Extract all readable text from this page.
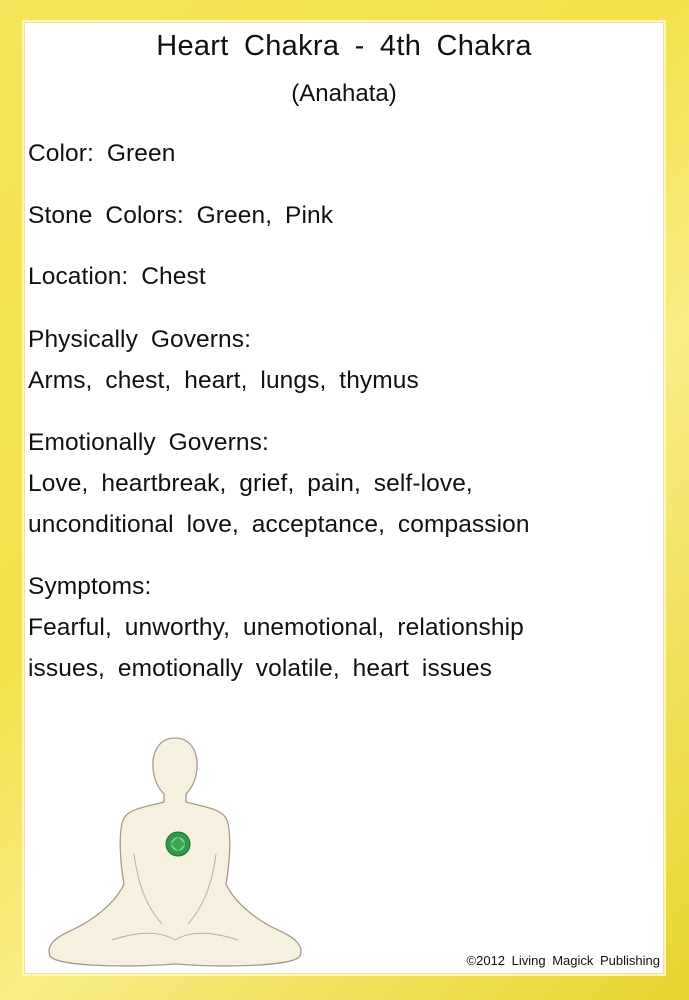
Heart Chakra - 4th Chakra
(Anahata)
Color: Green
Stone Colors: Green, Pink
Location: Chest
Physically Governs:
Arms, chest, heart, lungs, thymus
Emotionally Governs:
Love, heartbreak, grief, pain, self-love,
unconditional love, acceptance, compassion
Symptoms:
Fearful, unworthy, unemotional, relationship
issues, emotionally volatile, heart issues
©2012 Living Magick Publishing
